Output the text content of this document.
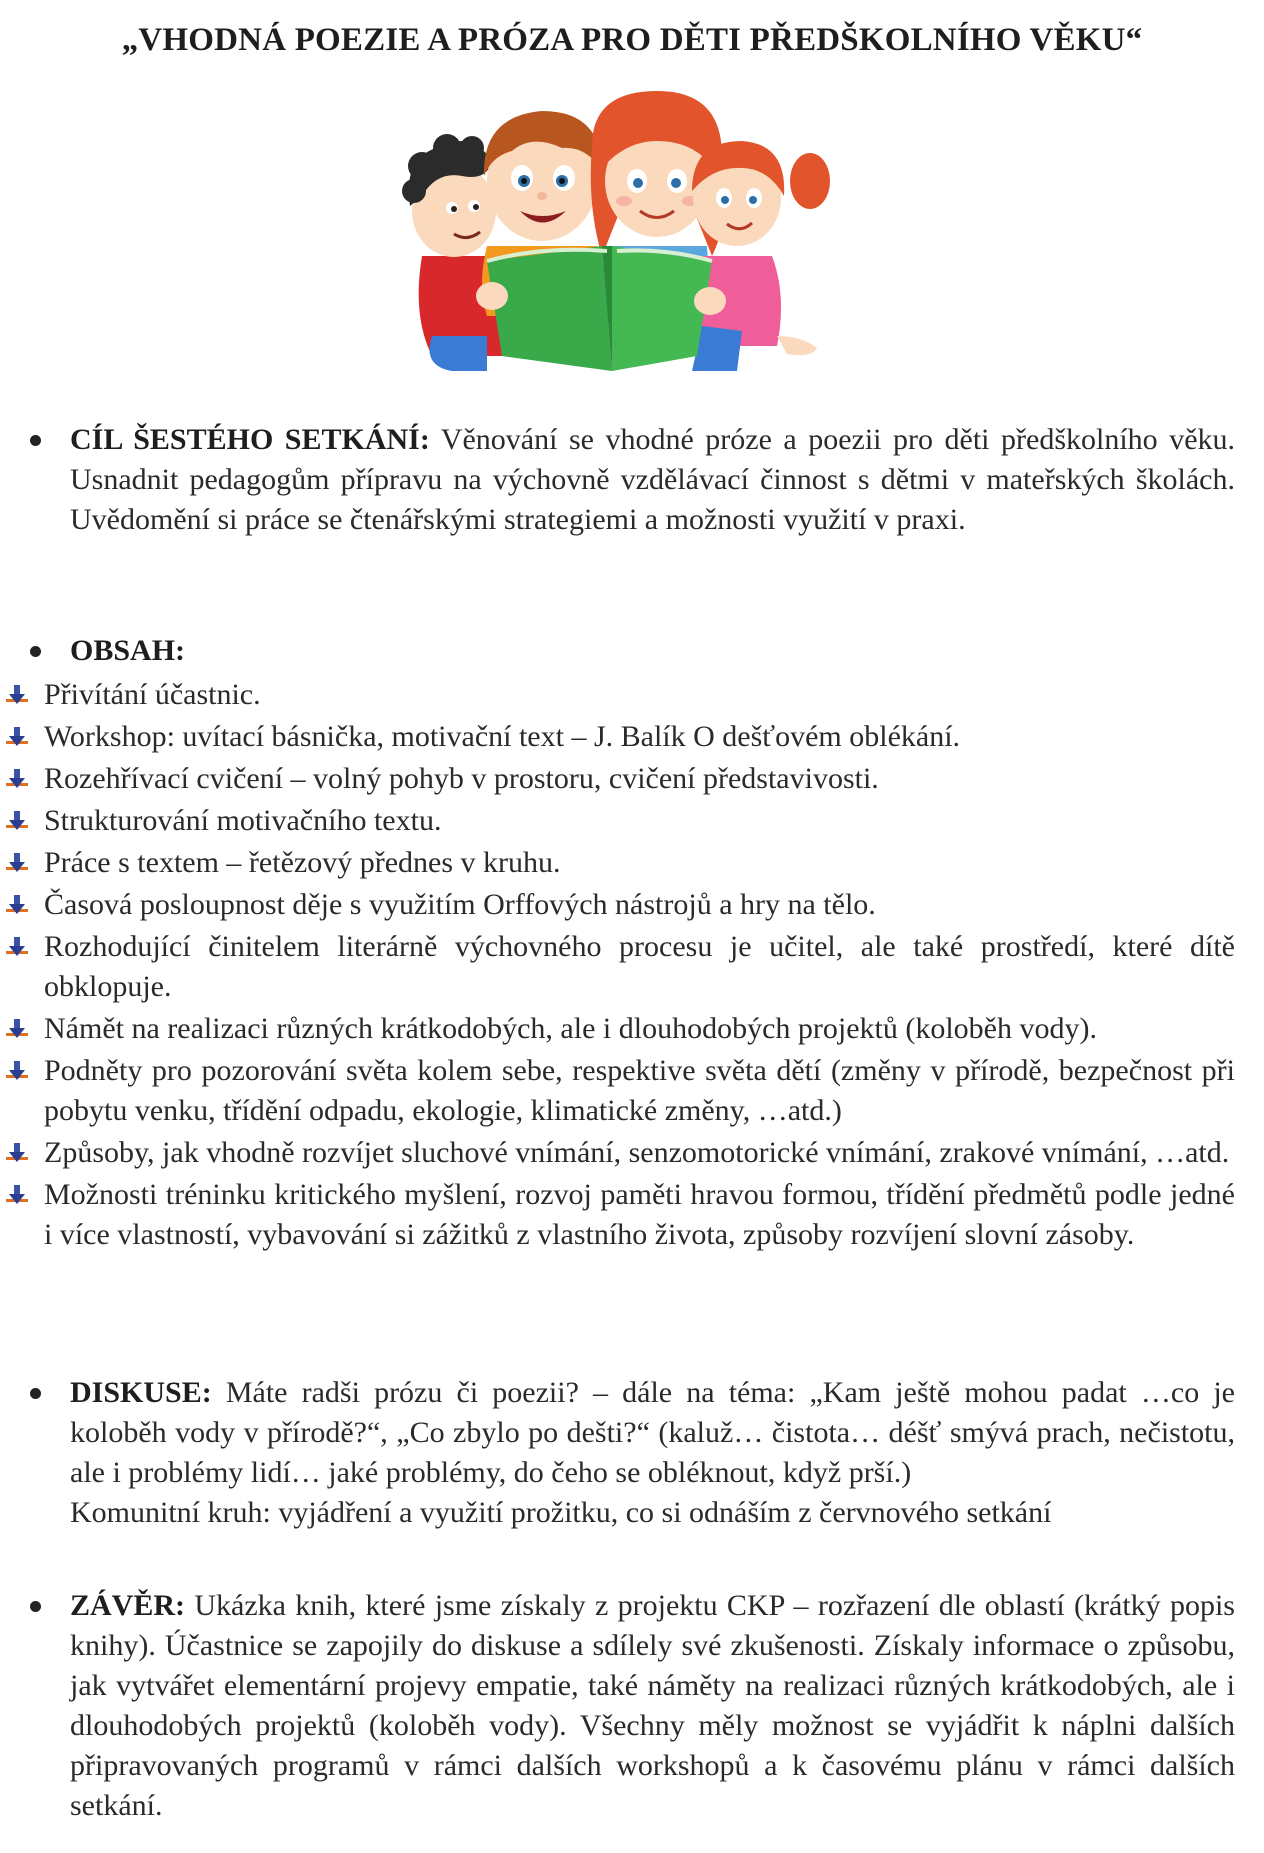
„VHODNÁ POEZIE A PRÓZA PRO DĚTI PŘEDŠKOLNÍHO VĚKU“
CÍL ŠESTÉHO SETKÁNÍ: Věnování se vhodné próze a poezii pro děti předškolního věku. Usnadnit pedagogům přípravu na výchovně vzdělávací činnost s dětmi v mateřských školách. Uvědomění si práce se čtenářskými strategiemi a možnosti využití v praxi.
OBSAH:
Přivítání účastnic.
Workshop: uvítací básnička, motivační text – J. Balík O dešťovém oblékání.
Rozehřívací cvičení – volný pohyb v prostoru, cvičení představivosti.
Strukturování motivačního textu.
Práce s textem – řetězový přednes v kruhu.
Časová posloupnost děje s využitím Orffových nástrojů a hry na tělo.
Rozhodující činitelem literárně výchovného procesu je učitel, ale také prostředí, které dítě obklopuje.
Námět na realizaci různých krátkodobých, ale i dlouhodobých projektů (koloběh vody).
Podněty pro pozorování světa kolem sebe, respektive světa dětí (změny v přírodě, bezpečnost při pobytu venku, třídění odpadu, ekologie, klimatické změny, …atd.)
Způsoby, jak vhodně rozvíjet sluchové vnímání, senzomotorické vnímání, zrakové vnímání, …atd.
Možnosti tréninku kritického myšlení, rozvoj paměti hravou formou, třídění předmětů podle jedné i více vlastností, vybavování si zážitků z vlastního života, způsoby rozvíjení slovní zásoby.
DISKUSE: Máte radši prózu či poezii? – dále na téma: „Kam ještě mohou padat …co je koloběh vody v přírodě?“, „Co zbylo po dešti?“ (kaluž… čistota… déšť smývá prach, nečistotu, ale i problémy lidí… jaké problémy, do čeho se obléknout, když prší.)
Komunitní kruh: vyjádření a využití prožitku, co si odnáším z červnového setkání
ZÁVĚR: Ukázka knih, které jsme získaly z projektu CKP – rozřazení dle oblastí (krátký popis knihy). Účastnice se zapojily do diskuse a sdílely své zkušenosti. Získaly informace o způsobu, jak vytvářet elementární projevy empatie, také náměty na realizaci různých krátkodobých, ale i dlouhodobých projektů (koloběh vody). Všechny měly možnost se vyjádřit k náplni dalších připravovaných programů v rámci dalších workshopů a k časovému plánu v rámci dalších setkání.
